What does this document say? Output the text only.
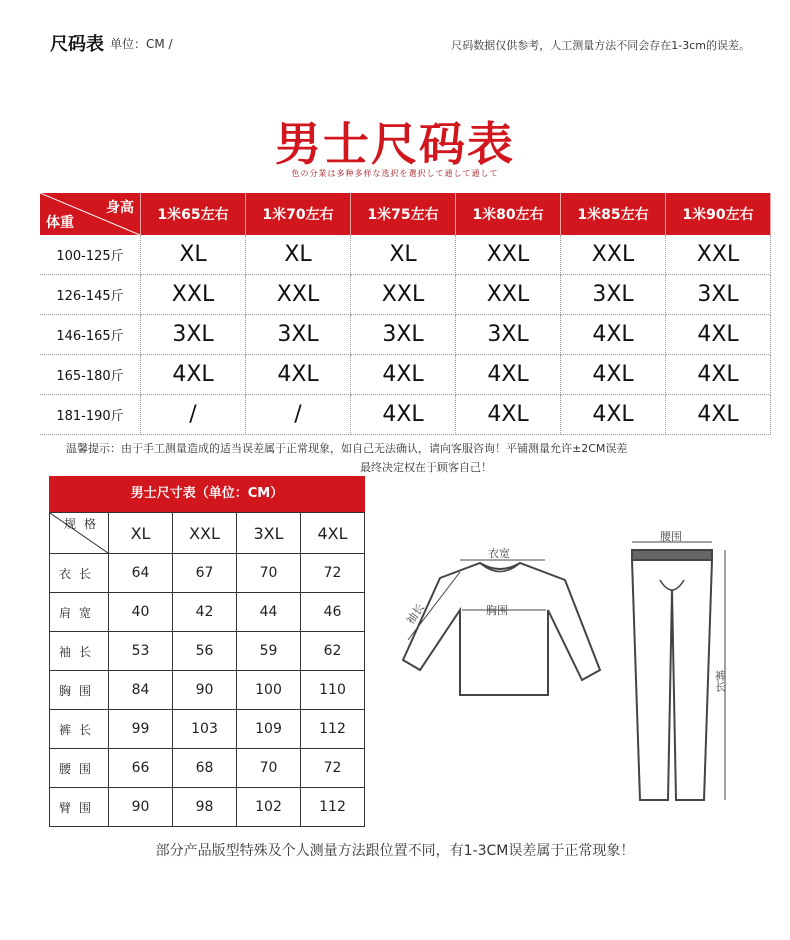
尺码表 单位：CM /	尺码数据仅供参考，人工测量方法不同会存在1-3cm的误差。
男士尺码表
色の分業は多种多样な选択を選択して通して通して
身高
体重	1米65左右	1米70左右	1米75左右	1米80左右	1米85左右	1米90左右
100-125斤	XL	XL	XL	XXL	XXL	XXL
126-145斤	XXL	XXL	XXL	XXL	3XL	3XL
146-165斤	3XL	3XL	3XL	3XL	4XL	4XL
165-180斤	4XL	4XL	4XL	4XL	4XL	4XL
181-190斤	/	/	4XL	4XL	4XL	4XL
温馨提示：由于手工测量造成的适当误差属于正常现象，如自己无法确认，请向客服咨询！平铺测量允许±2CM误差
最终决定权在于顾客自己！
男士尺寸表（单位：CM）
规格	XL	XXL	3XL	4XL
衣长	64	67	70	72
肩宽	40	42	44	46
袖长	53	56	59	62
胸围	84	90	100	110
裤长	99	103	109	112
腰围	66	68	70	72
臂围	90	98	102	112
衣宽
袖长	胸围
腰围
裤长
部分产品版型特殊及个人测量方法跟位置不同，有1-3CM误差属于正常现象！
